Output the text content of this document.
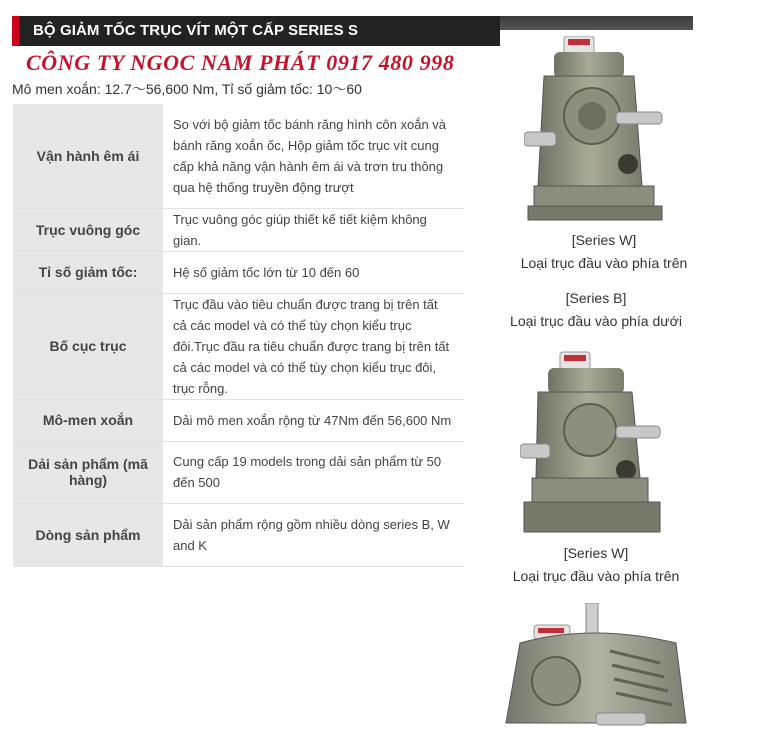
BỘ GIẢM TỐC TRỤC VÍT MỘT CẤP SERIES S
CÔNG TY NGOC NAM PHÁT 0917 480 998
Mô men xoắn: 12.7～56,600 Nm, Tỉ số giảm tốc: 10～60
Vận hành êm ái	So với bộ giảm tốc bánh răng hình côn xoắn và bánh răng xoắn ốc, Hộp giảm tốc trục vít cung cấp khả năng vận hành êm ái và trơn tru thông qua hệ thống truyền động trượt
Trục vuông góc	Trục vuông góc giúp thiết kế tiết kiệm không gian.
Tỉ số giảm tốc:	Hệ số giảm tốc lớn từ 10 đến 60
Bố cục trục	Trục đầu vào tiêu chuẩn được trang bị trên tất cả các model và có thể tùy chọn kiểu trục đôi.Trục đầu ra tiêu chuẩn được trang bị trên tất cả các model và có thể tùy chọn kiểu trục đôi, trục rỗng.
Mô-men xoắn	Dải mô men xoắn rộng từ 47Nm đến 56,600 Nm
Dải sản phẩm (mã hàng)	Cung cấp 19 models trong dải sản phẩm từ 50 đến 500
Dòng sản phẩm	Dải sản phẩm rộng gồm nhiều dòng series B, W and K
[Series W]
Loại trục đầu vào phía trên
[Series B]
Loại trục đầu vào phía dưới
[Series W]
Loại trục đầu vào phía trên
